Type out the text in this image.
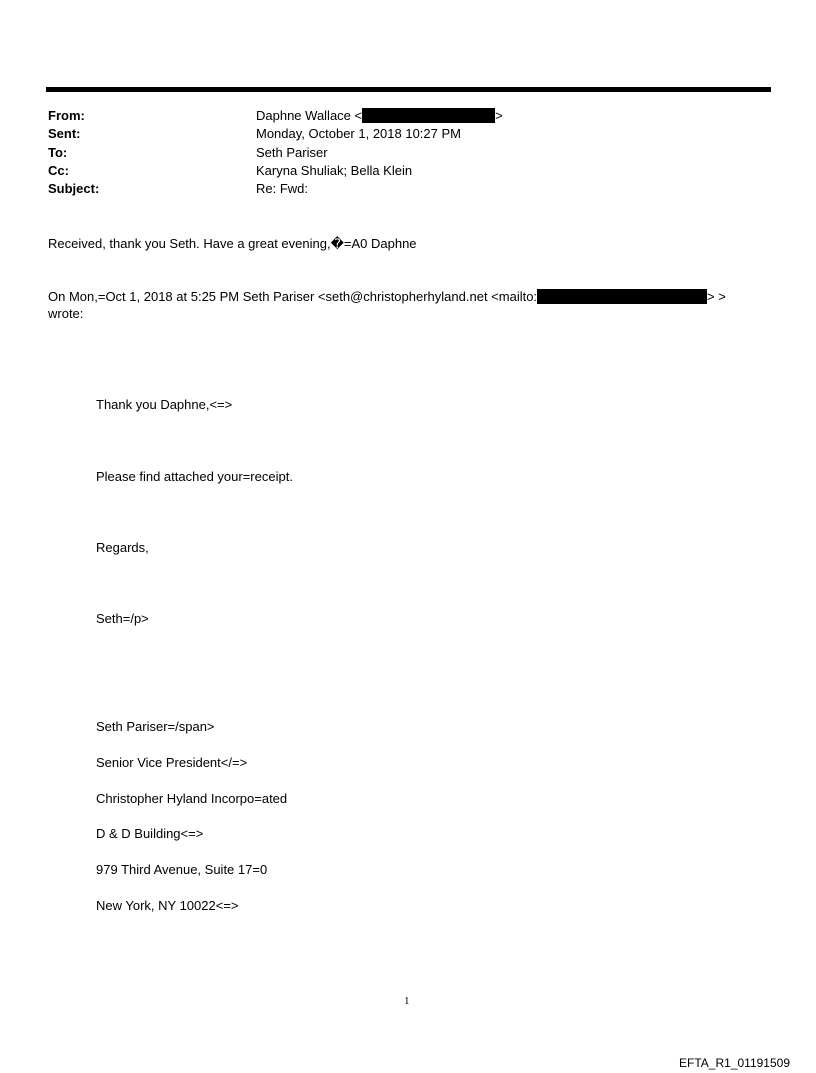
From:	Daphne Wallace <	>
Sent:	Monday, October 1, 2018 10:27 PM
To:	Seth Pariser
Cc:	Karyna Shuliak; Bella Klein
Subject:	Re: Fwd:
Received, thank you Seth. Have a great evening,�=A0 Daphne
On Mon,=Oct 1, 2018 at 5:25 PM Seth Pariser <seth@christopherhyland.net <mailto:	> >
wrote:
Thank you Daphne,<=>
Please find attached your=receipt.
Regards,
Seth=/p>
Seth Pariser=/span>
Senior Vice President</=>
Christopher Hyland Incorpo=ated
D & D Building<=>
979 Third Avenue, Suite 17=0
New York, NY 10022<=>
1
EFTA_R1_01191509
